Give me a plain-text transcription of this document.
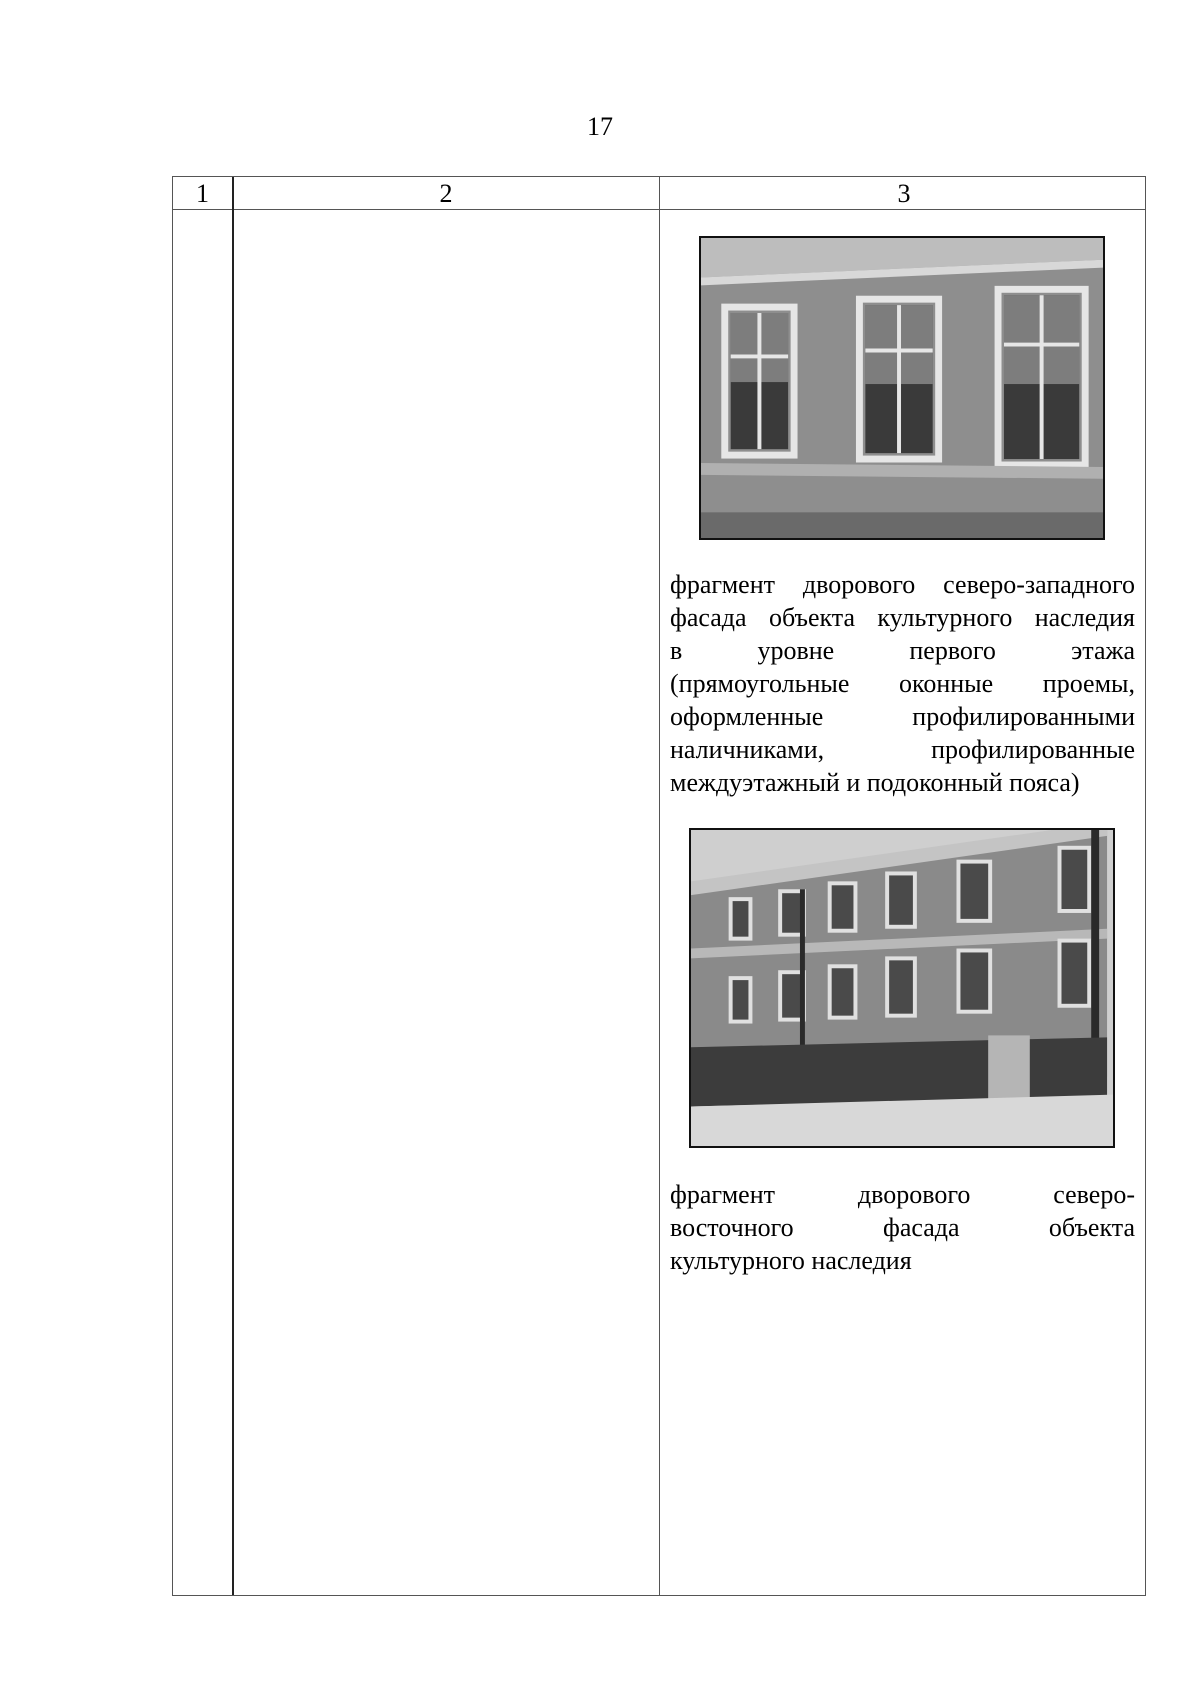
17
1	2	3
фрагмент дворового северо-западного
фасада объекта культурного наследия
в уровне первого этажа
(прямоугольные оконные проемы,
оформленные профилированными
наличниками, профилированные
междуэтажный и подоконный пояса)
фрагмент дворового северо-
восточного фасада объекта
культурного наследия
